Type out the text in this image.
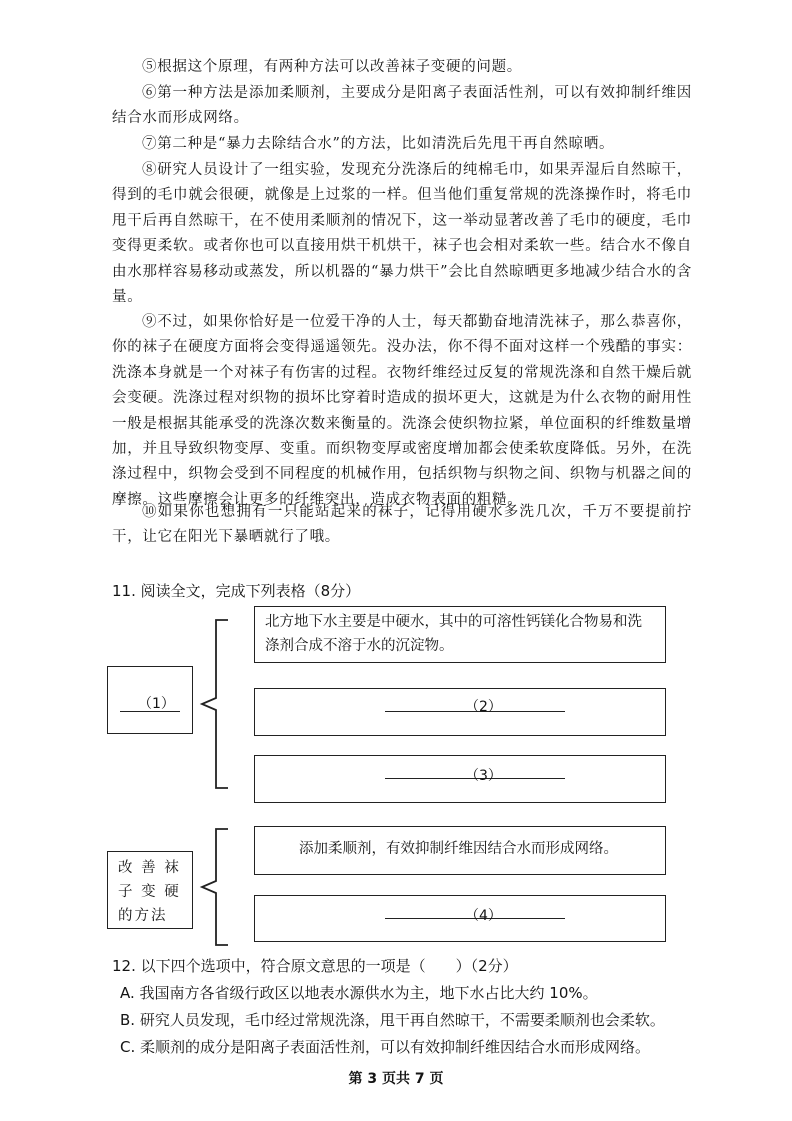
⑤根据这个原理，有两种方法可以改善袜子变硬的问题。

⑥第一种方法是添加柔顺剂，主要成分是阳离子表面活性剂，可以有效抑制纤维因结合水而形成网络。

⑦第二种是“暴力去除结合水”的方法，比如清洗后先甩干再自然晾晒。

⑧研究人员设计了一组实验，发现充分洗涤后的纯棉毛巾，如果弄湿后自然晾干，得到的毛巾就会很硬，就像是上过浆的一样。但当他们重复常规的洗涤操作时，将毛巾甩干后再自然晾干，在不使用柔顺剂的情况下，这一举动显著改善了毛巾的硬度，毛巾变得更柔软。或者你也可以直接用烘干机烘干，袜子也会相对柔软一些。结合水不像自由水那样容易移动或蒸发，所以机器的“暴力烘干”会比自然晾晒更多地减少结合水的含量。

⑨不过，如果你恰好是一位爱干净的人士，每天都勤奋地清洗袜子，那么恭喜你，你的袜子在硬度方面将会变得遥遥领先。没办法，你不得不面对这样一个残酷的事实：洗涤本身就是一个对袜子有伤害的过程。衣物纤维经过反复的常规洗涤和自然干燥后就会变硬。洗涤过程对织物的损坏比穿着时造成的损坏更大，这就是为什么衣物的耐用性一般是根据其能承受的洗涤次数来衡量的。洗涤会使织物拉紧，单位面积的纤维数量增加，并且导致织物变厚、变重。而织物变厚或密度增加都会使柔软度降低。另外，在洗涤过程中，织物会受到不同程度的机械作用，包括织物与织物之间、织物与机器之间的摩擦。这些摩擦会让更多的纤维突出，造成衣物表面的粗糙。

⑩如果你也想拥有一只能站起来的袜子，记得用硬水多洗几次，千万不要提前拧干，让它在阳光下暴晒就行了哦。

11. 阅读全文，完成下列表格（8分）

（1）
北方地下水主要是中硬水，其中的可溶性钙镁化合物易和洗涤剂合成不溶于水的沉淀物。
（2）
（3）
改 善 袜 子 变 硬 的方法
添加柔顺剂，有效抑制纤维因结合水而形成网络。
（4）

12. 以下四个选项中，符合原文意思的一项是（　　）（2分）

A. 我国南方各省级行政区以地表水源供水为主，地下水占比大约 10%。

B. 研究人员发现，毛巾经过常规洗涤，甩干再自然晾干，不需要柔顺剂也会柔软。

C. 柔顺剂的成分是阳离子表面活性剂，可以有效抑制纤维因结合水而形成网络。

第 3 页共 7 页
